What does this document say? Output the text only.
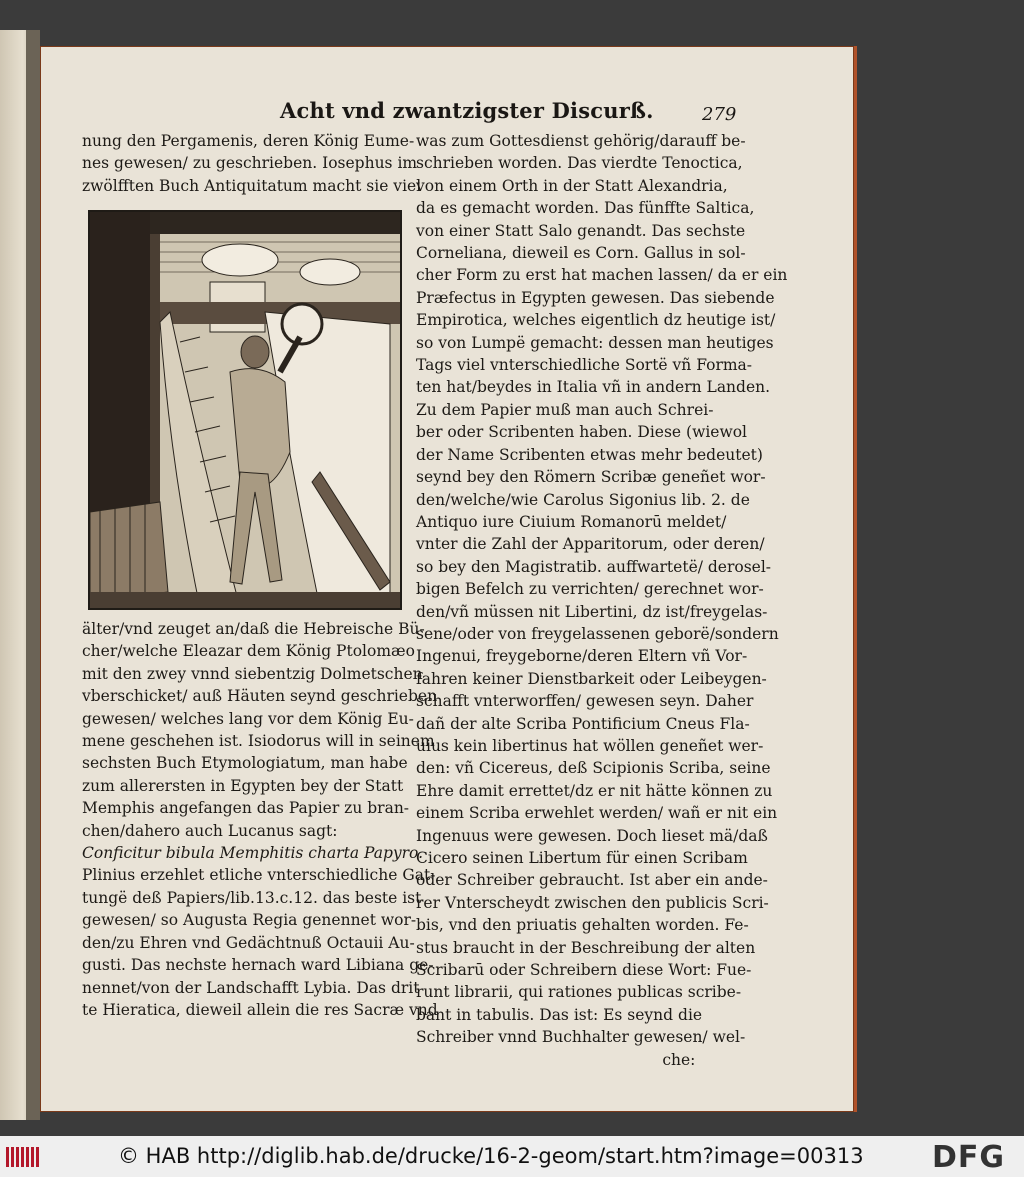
Acht vnd zwantzigster Discurß.	279
nung den Pergamenis, deren König Eume-
nes gewesen/ zu geschrieben. Iosephus im
zwölfften Buch Antiquitatum macht sie viel
älter/vnd zeuget an/daß die Hebreische Bü-
cher/welche Eleazar dem König Ptolomæo
mit den zwey vnnd siebentzig Dolmetschen
vberschicket/ auß Häuten seynd geschrieben
gewesen/ welches lang vor dem König Eu-
mene geschehen ist. Isiodorus will in seinem
sechsten Buch Etymologiatum, man habe
zum allerersten in Egypten bey der Statt
Memphis angefangen das Papier zu bran-
chen/dahero auch Lucanus sagt:
Conficitur bibula Memphitis charta Papyro.
Plinius erzehlet etliche vnterschiedliche Gat-
tungë deß Papiers/lib.13.c.12. das beste ist
gewesen/ so Augusta Regia genennet wor-
den/zu Ehren vnd Gedächtnuß Octauii Au-
gusti. Das nechste hernach ward Libiana ge-
nennet/von der Landschafft Lybia. Das drit
te Hieratica, dieweil allein die res Sacræ vnd
was zum Gottesdienst gehörig/darauff be-
schrieben worden. Das vierdte Tenoctica,
von einem Orth in der Statt Alexandria,
da es gemacht worden. Das fünffte Saltica,
von einer Statt Salo genandt. Das sechste
Corneliana, dieweil es Corn. Gallus in sol-
cher Form zu erst hat machen lassen/ da er ein
Præfectus in Egypten gewesen. Das siebende
Empirotica, welches eigentlich dz heutige ist/
so von Lumpë gemacht: dessen man heutiges
Tags viel vnterschiedliche Sortë vñ Forma-
ten hat/beydes in Italia vñ in andern Landen.
Zu dem Papier muß man auch Schrei-
ber oder Scribenten haben. Diese (wiewol
der Name Scribenten etwas mehr bedeutet)
seynd bey den Römern Scribæ geneñet wor-
den/welche/wie Carolus Sigonius lib. 2. de
Antiquo iure Ciuium Romanorū meldet/
vnter die Zahl der Apparitorum, oder deren/
so bey den Magistratib. auffwartetë/ derosel-
bigen Befelch zu verrichten/ gerechnet wor-
den/vñ müssen nit Libertini, dz ist/freygelas-
sene/oder von freygelassenen geborë/sondern
Ingenui, freygeborne/deren Eltern vñ Vor-
fahren keiner Dienstbarkeit oder Leibeygen-
schafft vnterworffen/ gewesen seyn. Daher
dañ der alte Scriba Pontificium Cneus Fla-
uius kein libertinus hat wöllen geneñet wer-
den: vñ Cicereus, deß Scipionis Scriba, seine
Ehre damit errettet/dz er nit hätte können zu
einem Scriba erwehlet werden/ wañ er nit ein
Ingenuus were gewesen. Doch lieset mä/daß
Cicero seinen Libertum für einen Scribam
oder Schreiber gebraucht. Ist aber ein ande-
rer Vnterscheydt zwischen den publicis Scri-
bis, vnd den priuatis gehalten worden. Fe-
stus braucht in der Beschreibung der alten
Scribarū oder Schreibern diese Wort: Fue-
runt librarii, qui rationes publicas scribe-
bant in tabulis. Das ist: Es seynd die
Schreiber vnnd Buchhalter gewesen/ wel-
che:
© HAB http://diglib.hab.de/drucke/16-2-geom/start.htm?image=00313 DFG
